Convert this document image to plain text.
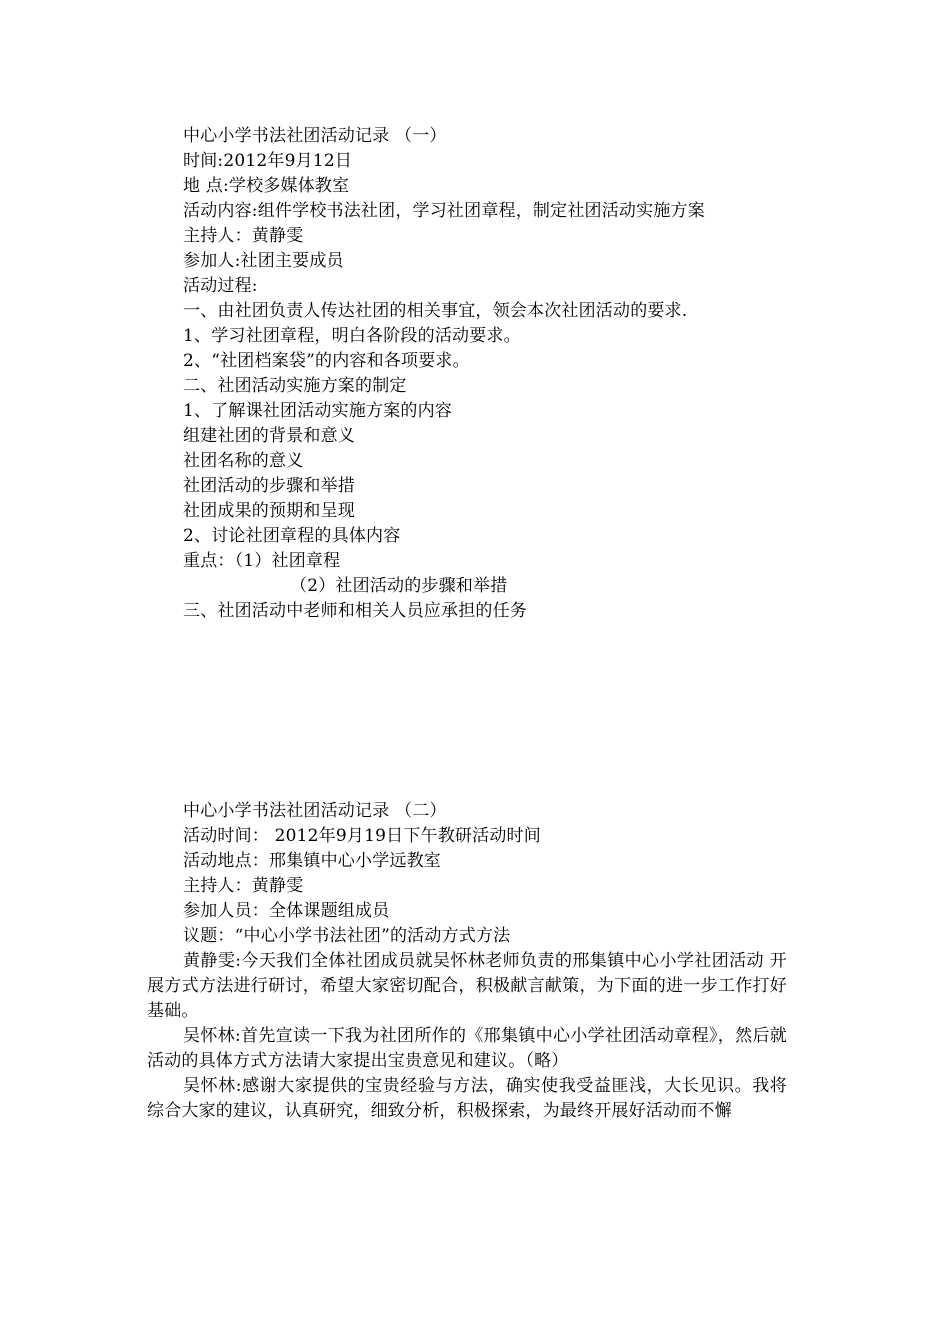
中心小学书法社团活动记录 （一）
时间:2012年9月12日
地 点:学校多媒体教室
活动内容:组件学校书法社团，学习社团章程，制定社团活动实施方案
主持人：黄静雯
参加人:社团主要成员
活动过程:
一、由社团负责人传达社团的相关事宜，领会本次社团活动的要求.
1、学习社团章程，明白各阶段的活动要求。
2、“社团档案袋”的内容和各项要求。
二、社团活动实施方案的制定
1、了解课社团活动实施方案的内容
组建社团的背景和意义
社团名称的意义
社团活动的步骤和举措
社团成果的预期和呈现
2、讨论社团章程的具体内容
重点：（1）社团章程
（2）社团活动的步骤和举措
三、社团活动中老师和相关人员应承担的任务
中心小学书法社团活动记录 （二）
活动时间： 2012年9月19日下午教研活动时间
活动地点：邢集镇中心小学远教室
主持人：黄静雯
参加人员：全体课题组成员
议题：“中心小学书法社团”的活动方式方法
黄静雯:今天我们全体社团成员就吴怀林老师负责的邢集镇中心小学社团活动 开展方式方法进行研讨，希望大家密切配合，积极献言献策，为下面的进一步工作打好基础。
吴怀林:首先宣读一下我为社团所作的《邢集镇中心小学社团活动章程》，然后就活动的具体方式方法请大家提出宝贵意见和建议。（略）
吴怀林:感谢大家提供的宝贵经验与方法，确实使我受益匪浅，大长见识。我将综合大家的建议，认真研究，细致分析，积极探索，为最终开展好活动而不懈
